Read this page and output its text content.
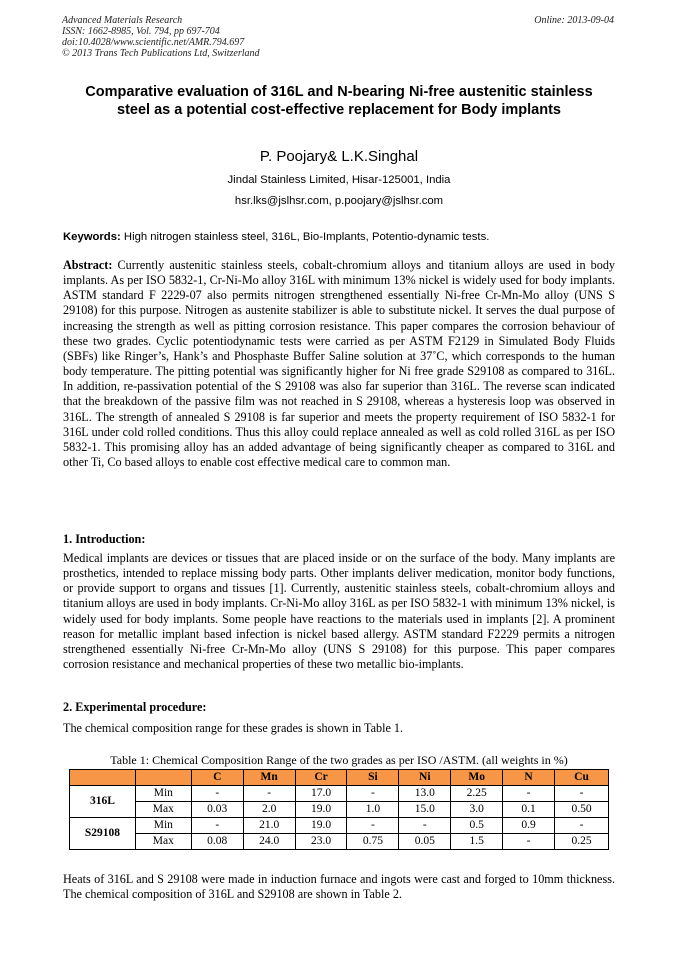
Advanced Materials Research
ISSN: 1662-8985, Vol. 794, pp 697-704
doi:10.4028/www.scientific.net/AMR.794.697
© 2013 Trans Tech Publications Ltd, Switzerland
Online: 2013-09-04
Comparative evaluation of 316L and N-bearing Ni-free austenitic stainless steel as a potential cost-effective replacement for Body implants
P. Poojary& L.K.Singhal
Jindal Stainless Limited, Hisar-125001, India
hsr.lks@jslhsr.com, p.poojary@jslhsr.com
Keywords: High nitrogen stainless steel, 316L, Bio-Implants, Potentio-dynamic tests.
Abstract: Currently austenitic stainless steels, cobalt-chromium alloys and titanium alloys are used in body implants. As per ISO 5832-1, Cr-Ni-Mo alloy 316L with minimum 13% nickel is widely used for body implants. ASTM standard F 2229-07 also permits nitrogen strengthened essentially Ni-free Cr-Mn-Mo alloy (UNS S 29108) for this purpose. Nitrogen as austenite stabilizer is able to substitute nickel. It serves the dual purpose of increasing the strength as well as pitting corrosion resistance. This paper compares the corrosion behaviour of these two grades. Cyclic potentiodynamic tests were carried as per ASTM F2129 in Simulated Body Fluids (SBFs) like Ringer’s, Hank’s and Phosphaste Buffer Saline solution at 37˚C, which corresponds to the human body temperature. The pitting potential was significantly higher for Ni free grade S29108 as compared to 316L. In addition, re-passivation potential of the S 29108 was also far superior than 316L. The reverse scan indicated that the breakdown of the passive film was not reached in S 29108, whereas a hysteresis loop was observed in 316L. The strength of annealed S 29108 is far superior and meets the property requirement of ISO 5832-1 for 316L under cold rolled conditions. Thus this alloy could replace annealed as well as cold rolled 316L as per ISO 5832-1. This promising alloy has an added advantage of being significantly cheaper as compared to 316L and other Ti, Co based alloys to enable cost effective medical care to common man.
1. Introduction:
Medical implants are devices or tissues that are placed inside or on the surface of the body. Many implants are prosthetics, intended to replace missing body parts. Other implants deliver medication, monitor body functions, or provide support to organs and tissues [1]. Currently, austenitic stainless steels, cobalt-chromium alloys and titanium alloys are used in body implants. Cr-Ni-Mo alloy 316L as per ISO 5832-1 with minimum 13% nickel, is widely used for body implants. Some people have reactions to the materials used in implants [2]. A prominent reason for metallic implant based infection is nickel based allergy. ASTM standard F2229 permits a nitrogen strengthened essentially Ni-free Cr-Mn-Mo alloy (UNS S 29108) for this purpose. This paper compares corrosion resistance and mechanical properties of these two metallic bio-implants.
2. Experimental procedure:
The chemical composition range for these grades is shown in Table 1.
Table 1: Chemical Composition Range of the two grades as per ISO /ASTM. (all weights in %)
		C	Mn	Cr	Si	Ni	Mo	N	Cu
316L	Min	-	-	17.0	-	13.0	2.25	-	-
	Max	0.03	2.0	19.0	1.0	15.0	3.0	0.1	0.50
S29108	Min	-	21.0	19.0	-	-	0.5	0.9	-
	Max	0.08	24.0	23.0	0.75	0.05	1.5	-	0.25
Heats of 316L and S 29108 were made in induction furnace and ingots were cast and forged to 10mm thickness. The chemical composition of 316L and S29108 are shown in Table 2.
